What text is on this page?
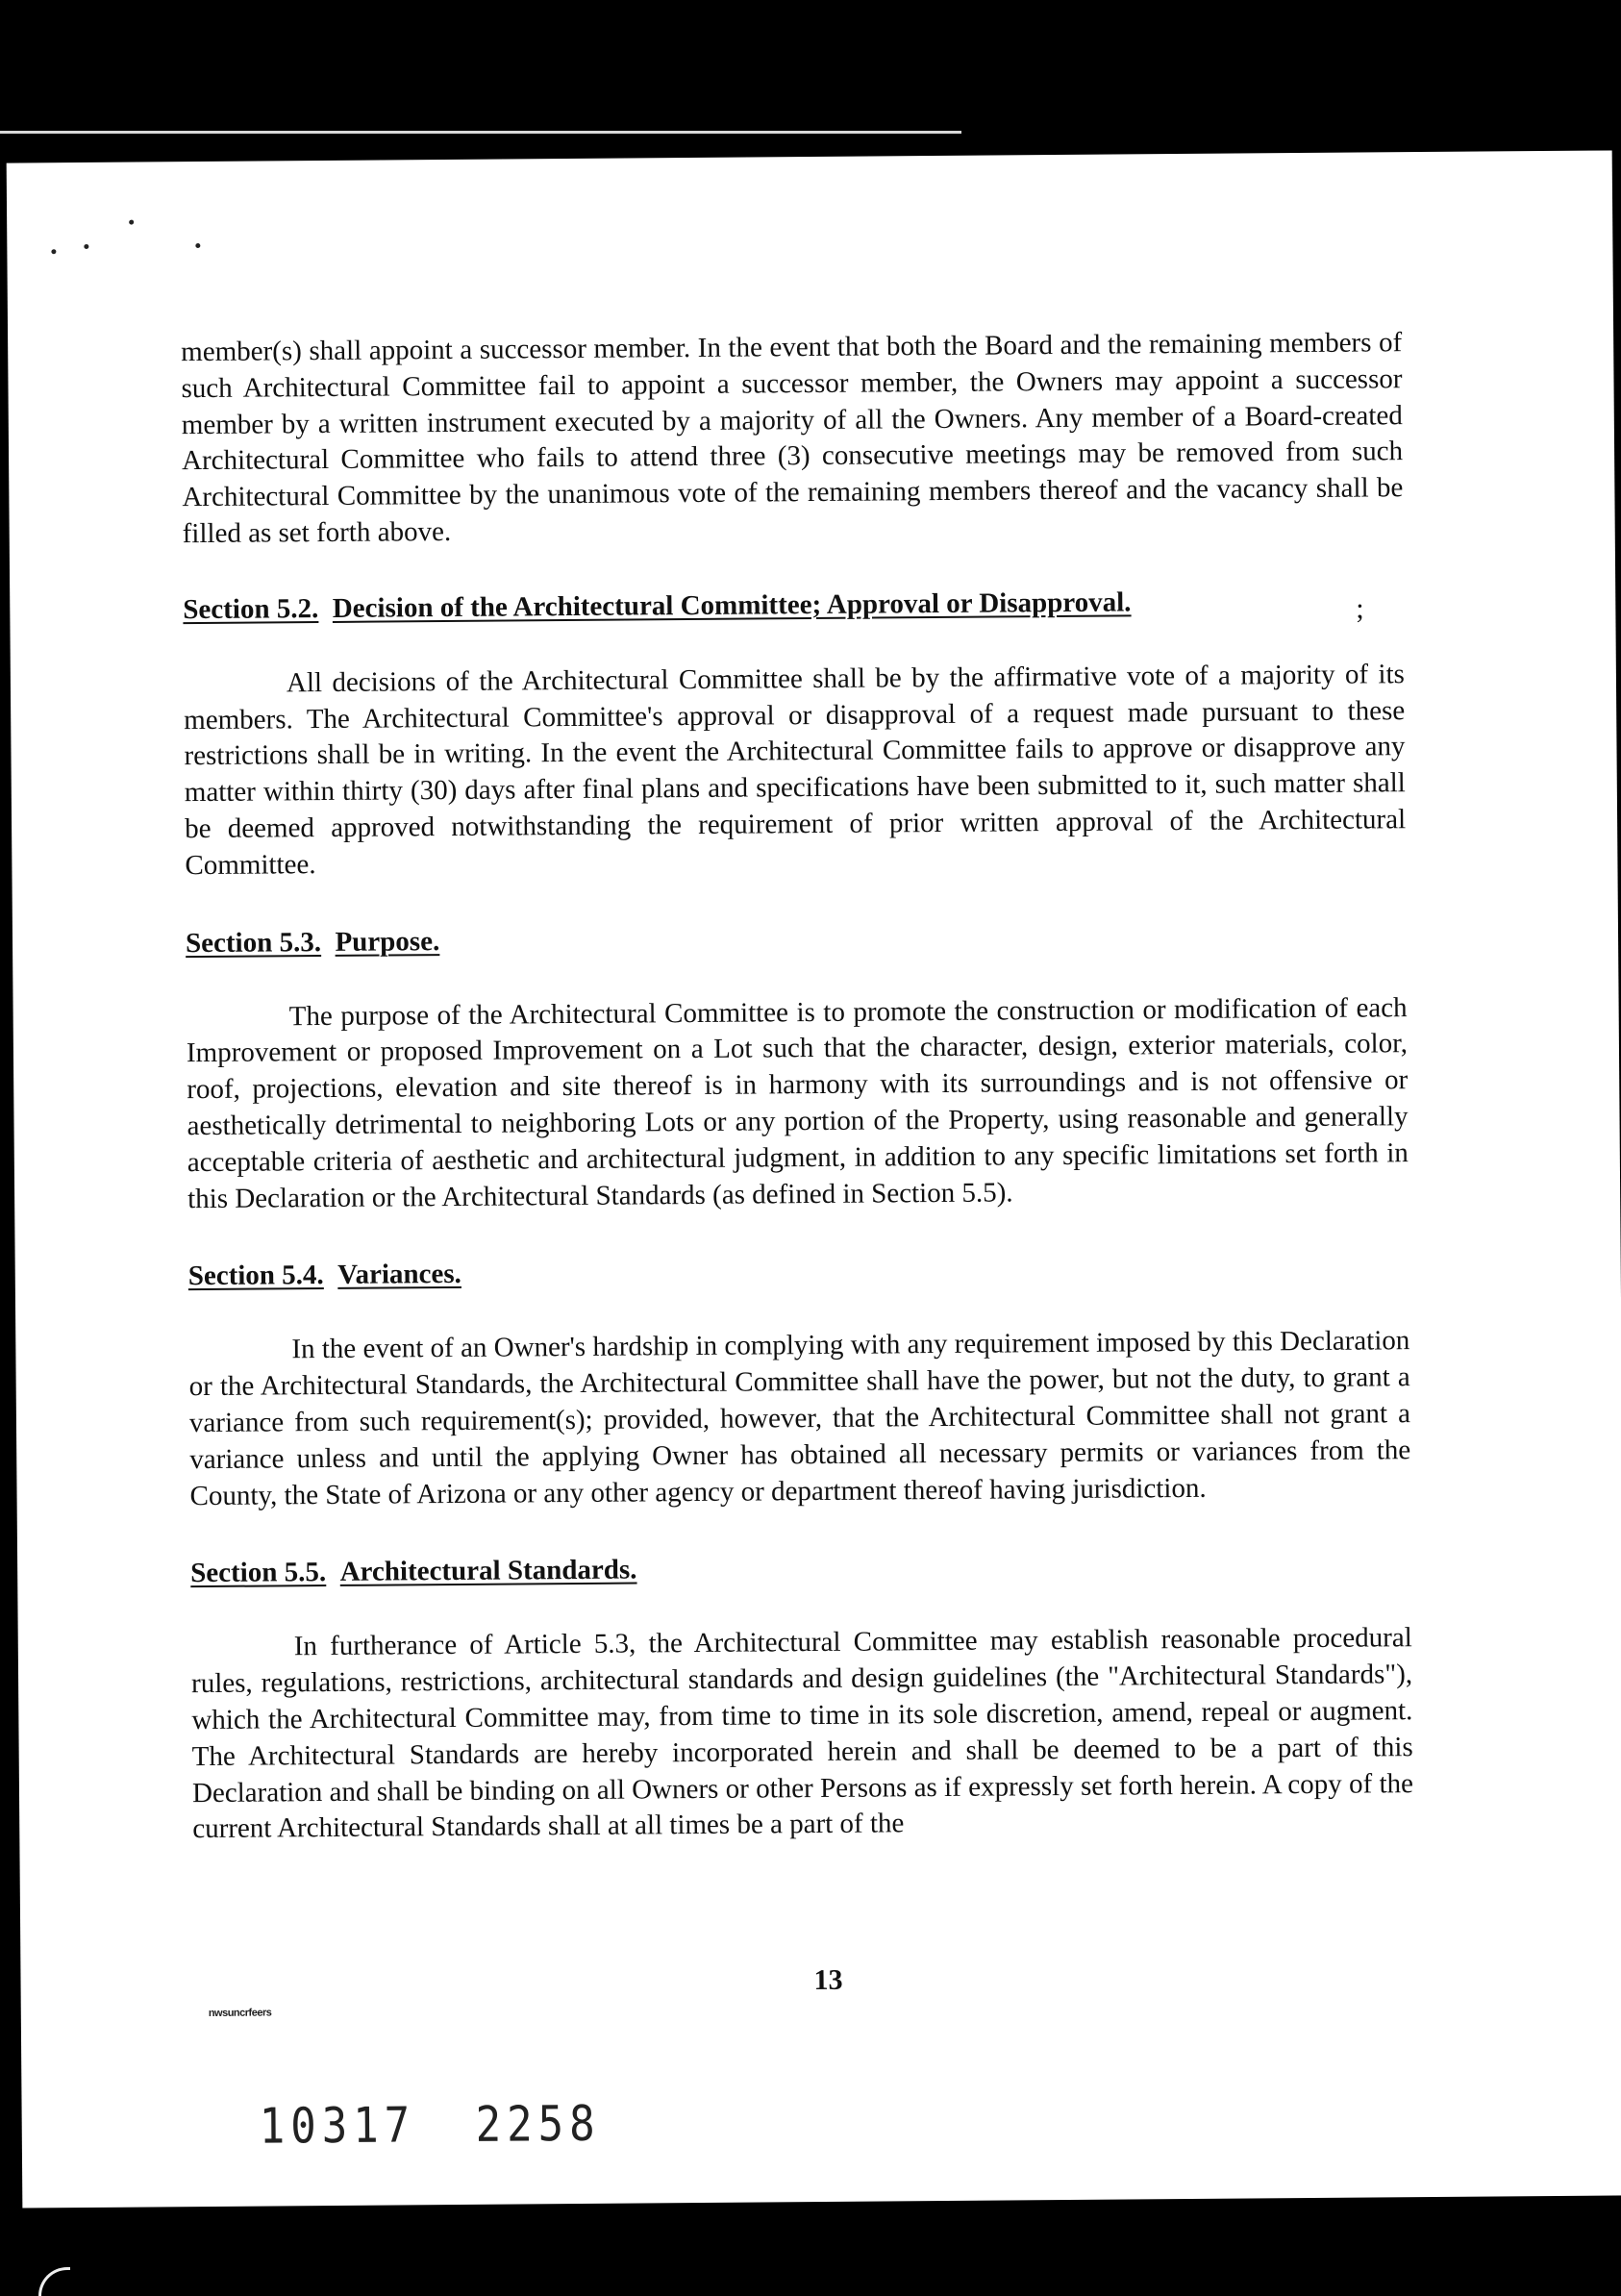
member(s) shall appoint a successor member. In the event that both the Board and the remaining members of such Architectural Committee fail to appoint a successor member, the Owners may appoint a successor member by a written instrument executed by a majority of all the Owners. Any member of a Board-created Architectural Committee who fails to attend three (3) consecutive meetings may be removed from such Architectural Committee by the unanimous vote of the remaining members thereof and the vacancy shall be filled as set forth above.

Section 5.2. Decision of the Architectural Committee; Approval or Disapproval.

All decisions of the Architectural Committee shall be by the affirmative vote of a majority of its members. The Architectural Committee's approval or disapproval of a request made pursuant to these restrictions shall be in writing. In the event the Architectural Committee fails to approve or disapprove any matter within thirty (30) days after final plans and specifications have been submitted to it, such matter shall be deemed approved notwithstanding the requirement of prior written approval of the Architectural Committee.

Section 5.3. Purpose.

The purpose of the Architectural Committee is to promote the construction or modification of each Improvement or proposed Improvement on a Lot such that the character, design, exterior materials, color, roof, projections, elevation and site thereof is in harmony with its surroundings and is not offensive or aesthetically detrimental to neighboring Lots or any portion of the Property, using reasonable and generally acceptable criteria of aesthetic and architectural judgment, in addition to any specific limitations set forth in this Declaration or the Architectural Standards (as defined in Section 5.5).

Section 5.4. Variances.

In the event of an Owner's hardship in complying with any requirement imposed by this Declaration or the Architectural Standards, the Architectural Committee shall have the power, but not the duty, to grant a variance from such requirement(s); provided, however, that the Architectural Committee shall not grant a variance unless and until the applying Owner has obtained all necessary permits or variances from the County, the State of Arizona or any other agency or department thereof having jurisdiction.

Section 5.5. Architectural Standards.

In furtherance of Article 5.3, the Architectural Committee may establish reasonable procedural rules, regulations, restrictions, architectural standards and design guidelines (the "Architectural Standards"), which the Architectural Committee may, from time to time in its sole discretion, amend, repeal or augment. The Architectural Standards are hereby incorporated herein and shall be deemed to be a part of this Declaration and shall be binding on all Owners or other Persons as if expressly set forth herein. A copy of the current Architectural Standards shall at all times be a part of the

;
13
nwsuncrfeers
10317 2258
